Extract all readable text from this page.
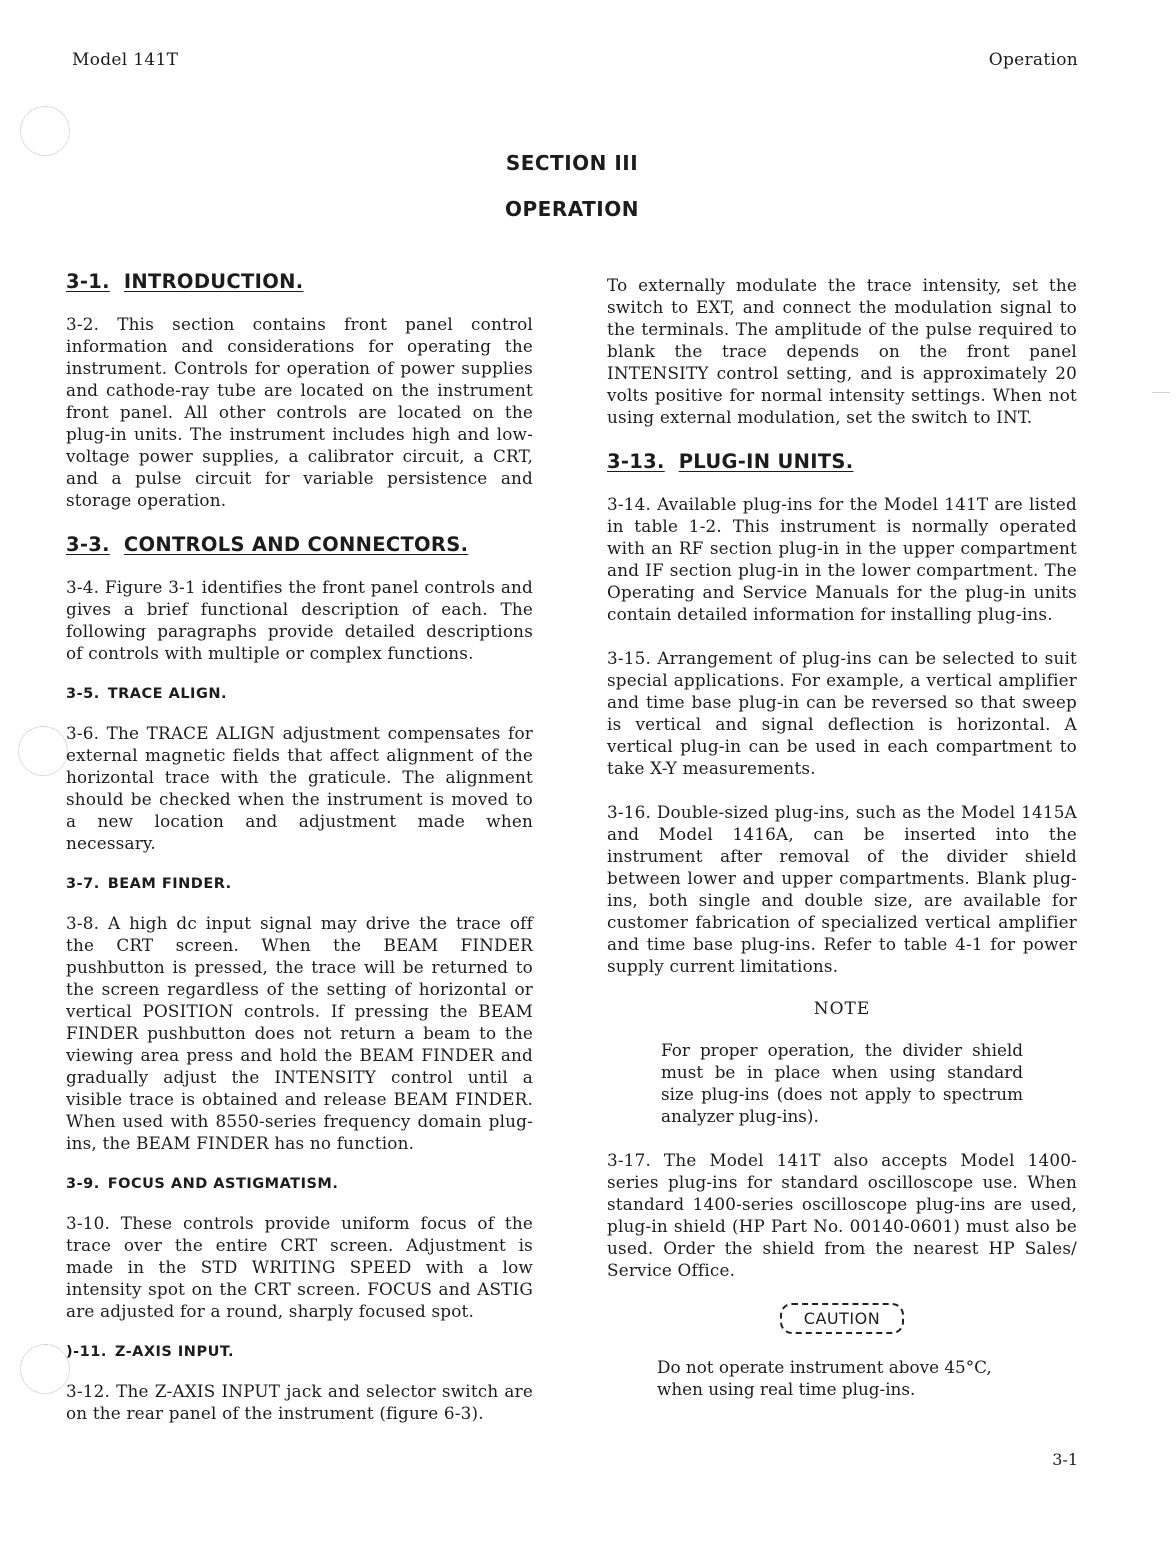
Model 141T	Operation
SECTION III
OPERATION
3-1. INTRODUCTION.

3-2. This section contains front panel control information and considerations for operating the instrument. Controls for operation of power supplies and cathode-ray tube are located on the instrument front panel. All other controls are located on the plug-in units. The instrument includes high and low-voltage power supplies, a calibrator circuit, a CRT, and a pulse circuit for variable persistence and storage operation.

3-3. CONTROLS AND CONNECTORS.

3-4. Figure 3-1 identifies the front panel controls and gives a brief functional description of each. The following paragraphs provide detailed descriptions of controls with multiple or complex functions.

3-5. TRACE ALIGN.

3-6. The TRACE ALIGN adjustment compensates for external magnetic fields that affect alignment of the horizontal trace with the graticule. The alignment should be checked when the instrument is moved to a new location and adjustment made when necessary.

3-7. BEAM FINDER.

3-8. A high dc input signal may drive the trace off the CRT screen. When the BEAM FINDER pushbutton is pressed, the trace will be returned to the screen regardless of the setting of horizontal or vertical POSITION controls. If pressing the BEAM FINDER pushbutton does not return a beam to the viewing area press and hold the BEAM FINDER and gradually adjust the INTENSITY control until a visible trace is obtained and release BEAM FINDER. When used with 8550-series frequency domain plug-ins, the BEAM FINDER has no function.

3-9. FOCUS AND ASTIGMATISM.

3-10. These controls provide uniform focus of the trace over the entire CRT screen. Adjustment is made in the STD WRITING SPEED with a low intensity spot on the CRT screen. FOCUS and ASTIG are adjusted for a round, sharply focused spot.

)-11. Z-AXIS INPUT.

3-12. The Z-AXIS INPUT jack and selector switch are on the rear panel of the instrument (figure 6-3).

To externally modulate the trace intensity, set the switch to EXT, and connect the modulation signal to the terminals. The amplitude of the pulse required to blank the trace depends on the front panel INTENSITY control setting, and is approximately 20 volts positive for normal intensity settings. When not using external modulation, set the switch to INT.

3-13. PLUG-IN UNITS.

3-14. Available plug-ins for the Model 141T are listed in table 1-2. This instrument is normally operated with an RF section plug-in in the upper compartment and IF section plug-in in the lower compartment. The Operating and Service Manuals for the plug-in units contain detailed information for installing plug-ins.

3-15. Arrangement of plug-ins can be selected to suit special applications. For example, a vertical amplifier and time base plug-in can be reversed so that sweep is vertical and signal deflection is horizontal. A vertical plug-in can be used in each compartment to take X-Y measurements.

3-16. Double-sized plug-ins, such as the Model 1415A and Model 1416A, can be inserted into the instrument after removal of the divider shield between lower and upper compartments. Blank plug-ins, both single and double size, are available for customer fabrication of specialized vertical amplifier and time base plug-ins. Refer to table 4-1 for power supply current limitations.

NOTE

For proper operation, the divider shield must be in place when using standard size plug-ins (does not apply to spectrum analyzer plug-ins).

3-17. The Model 141T also accepts Model 1400-series plug-ins for standard oscilloscope use. When standard 1400-series oscilloscope plug-ins are used, plug-in shield (HP Part No. 00140-0601) must also be used. Order the shield from the nearest HP Sales/ Service Office.

CAUTION

Do not operate instrument above 45°C, when using real time plug-ins.

3-1
